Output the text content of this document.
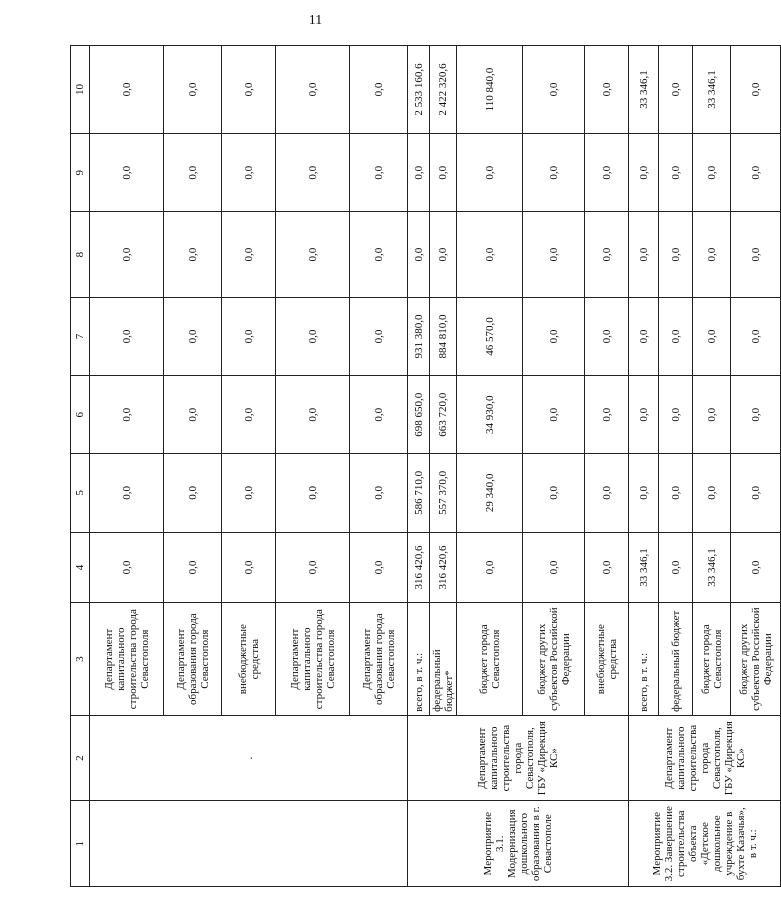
11
1	2	3	4	5	6	7	8	9	10
	.	Департамент капитального строительства города Севастополя	0,0	0,0	0,0	0,0	0,0	0,0	0,0
		Департамент образования города Севастополя	0,0	0,0	0,0	0,0	0,0	0,0	0,0
		внебюджетные средства	0,0	0,0	0,0	0,0	0,0	0,0	0,0
		Департамент капитального строительства города Севастополя	0,0	0,0	0,0	0,0	0,0	0,0	0,0
		Департамент образования города Севастополя	0,0	0,0	0,0	0,0	0,0	0,0	0,0
Мероприятие 3.1. Модернизация дошкольного образования в г. Севастополе	Департамент капитального строительства города Севастополя, ГБУ «Дирекция КС»	всего, в т. ч.:	316 420,6	586 710,0	698 650,0	931 380,0	0,0	0,0	2 533 160,6
		федеральный бюджет*	316 420,6	557 370,0	663 720,0	884 810,0	0,0	0,0	2 422 320,6
		бюджет города Севастополя	0,0	29 340,0	34 930,0	46 570,0	0,0	0,0	110 840,0
		бюджет других субъектов Российской Федерации	0,0	0,0	0,0	0,0	0,0	0,0	0,0
		внебюджетные средства	0,0	0,0	0,0	0,0	0,0	0,0	0,0
Мероприятие 3.2. Завершение строительства объекта «Детское дошкольное учреждение в бухте Казачья», в т. ч.:	Департамент капитального строительства города Севастополя, ГБУ «Дирекция КС»	всего, в т. ч.:	33 346,1	0,0	0,0	0,0	0,0	0,0	33 346,1
		федеральный бюджет	0,0	0,0	0,0	0,0	0,0	0,0	0,0
		бюджет города Севастополя	33 346,1	0,0	0,0	0,0	0,0	0,0	33 346,1
		бюджет других субъектов Российской Федерации	0,0	0,0	0,0	0,0	0,0	0,0	0,0
